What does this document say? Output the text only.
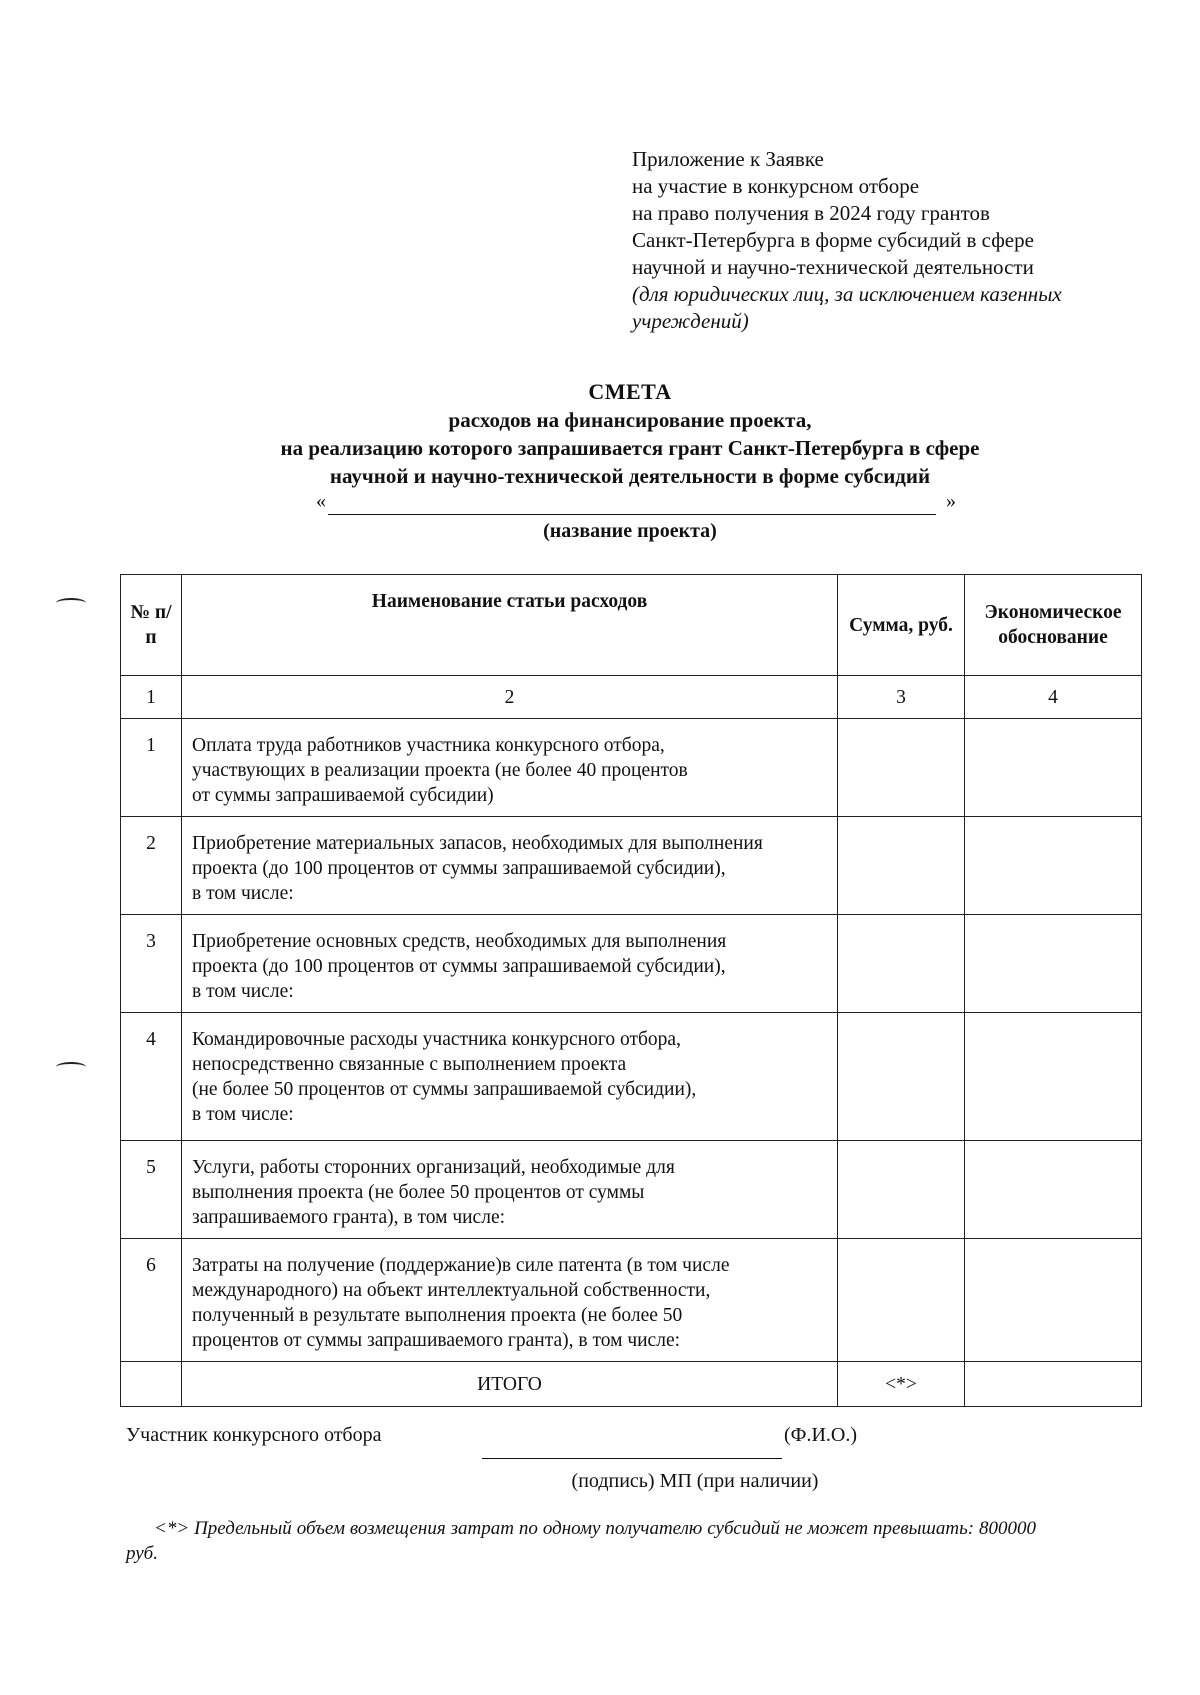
Приложение к Заявке
на участие в конкурсном отборе
на право получения в 2024 году грантов
Санкт-Петербурга в форме субсидий в сфере
научной и научно-технической деятельности
(для юридических лиц, за исключением казенных
учреждений)
СМЕТА
расходов на финансирование проекта,
на реализацию которого запрашивается грант Санкт-Петербурга в сфере
научной и научно-технической деятельности в форме субсидий
«	»
(название проекта)
№ п/п	Наименование статьи расходов	Сумма, руб.	Экономическое обоснование
1	2	3	4
1	Оплата труда работников участника конкурсного отбора,
участвующих в реализации проекта (не более 40 процентов
от суммы запрашиваемой субсидии)		

2	Приобретение материальных запасов, необходимых для выполнения
проекта (до 100 процентов от суммы запрашиваемой субсидии),
в том числе:		

3	Приобретение основных средств, необходимых для выполнения
проекта (до 100 процентов от суммы запрашиваемой субсидии),
в том числе:		

4	Командировочные расходы участника конкурсного отбора,
непосредственно связанные с выполнением проекта
(не более 50 процентов от суммы запрашиваемой субсидии),
в том числе:		

5	Услуги, работы сторонних организаций, необходимые для
выполнения проекта (не более 50 процентов от суммы
запрашиваемого гранта), в том числе:		

6	Затраты на получение (поддержание)в силе патента (в том числе
международного) на объект интеллектуальной собственности,
полученный в результате выполнения проекта (не более 50
процентов от суммы запрашиваемого гранта), в том числе:		

	ИТОГО	<*>	
Участник конкурсного отбора	(Ф.И.О.)
(подпись) МП (при наличии)
<*> Предельный объем возмещения затрат по одному получателю субсидий не может превышать: 800000 руб.
